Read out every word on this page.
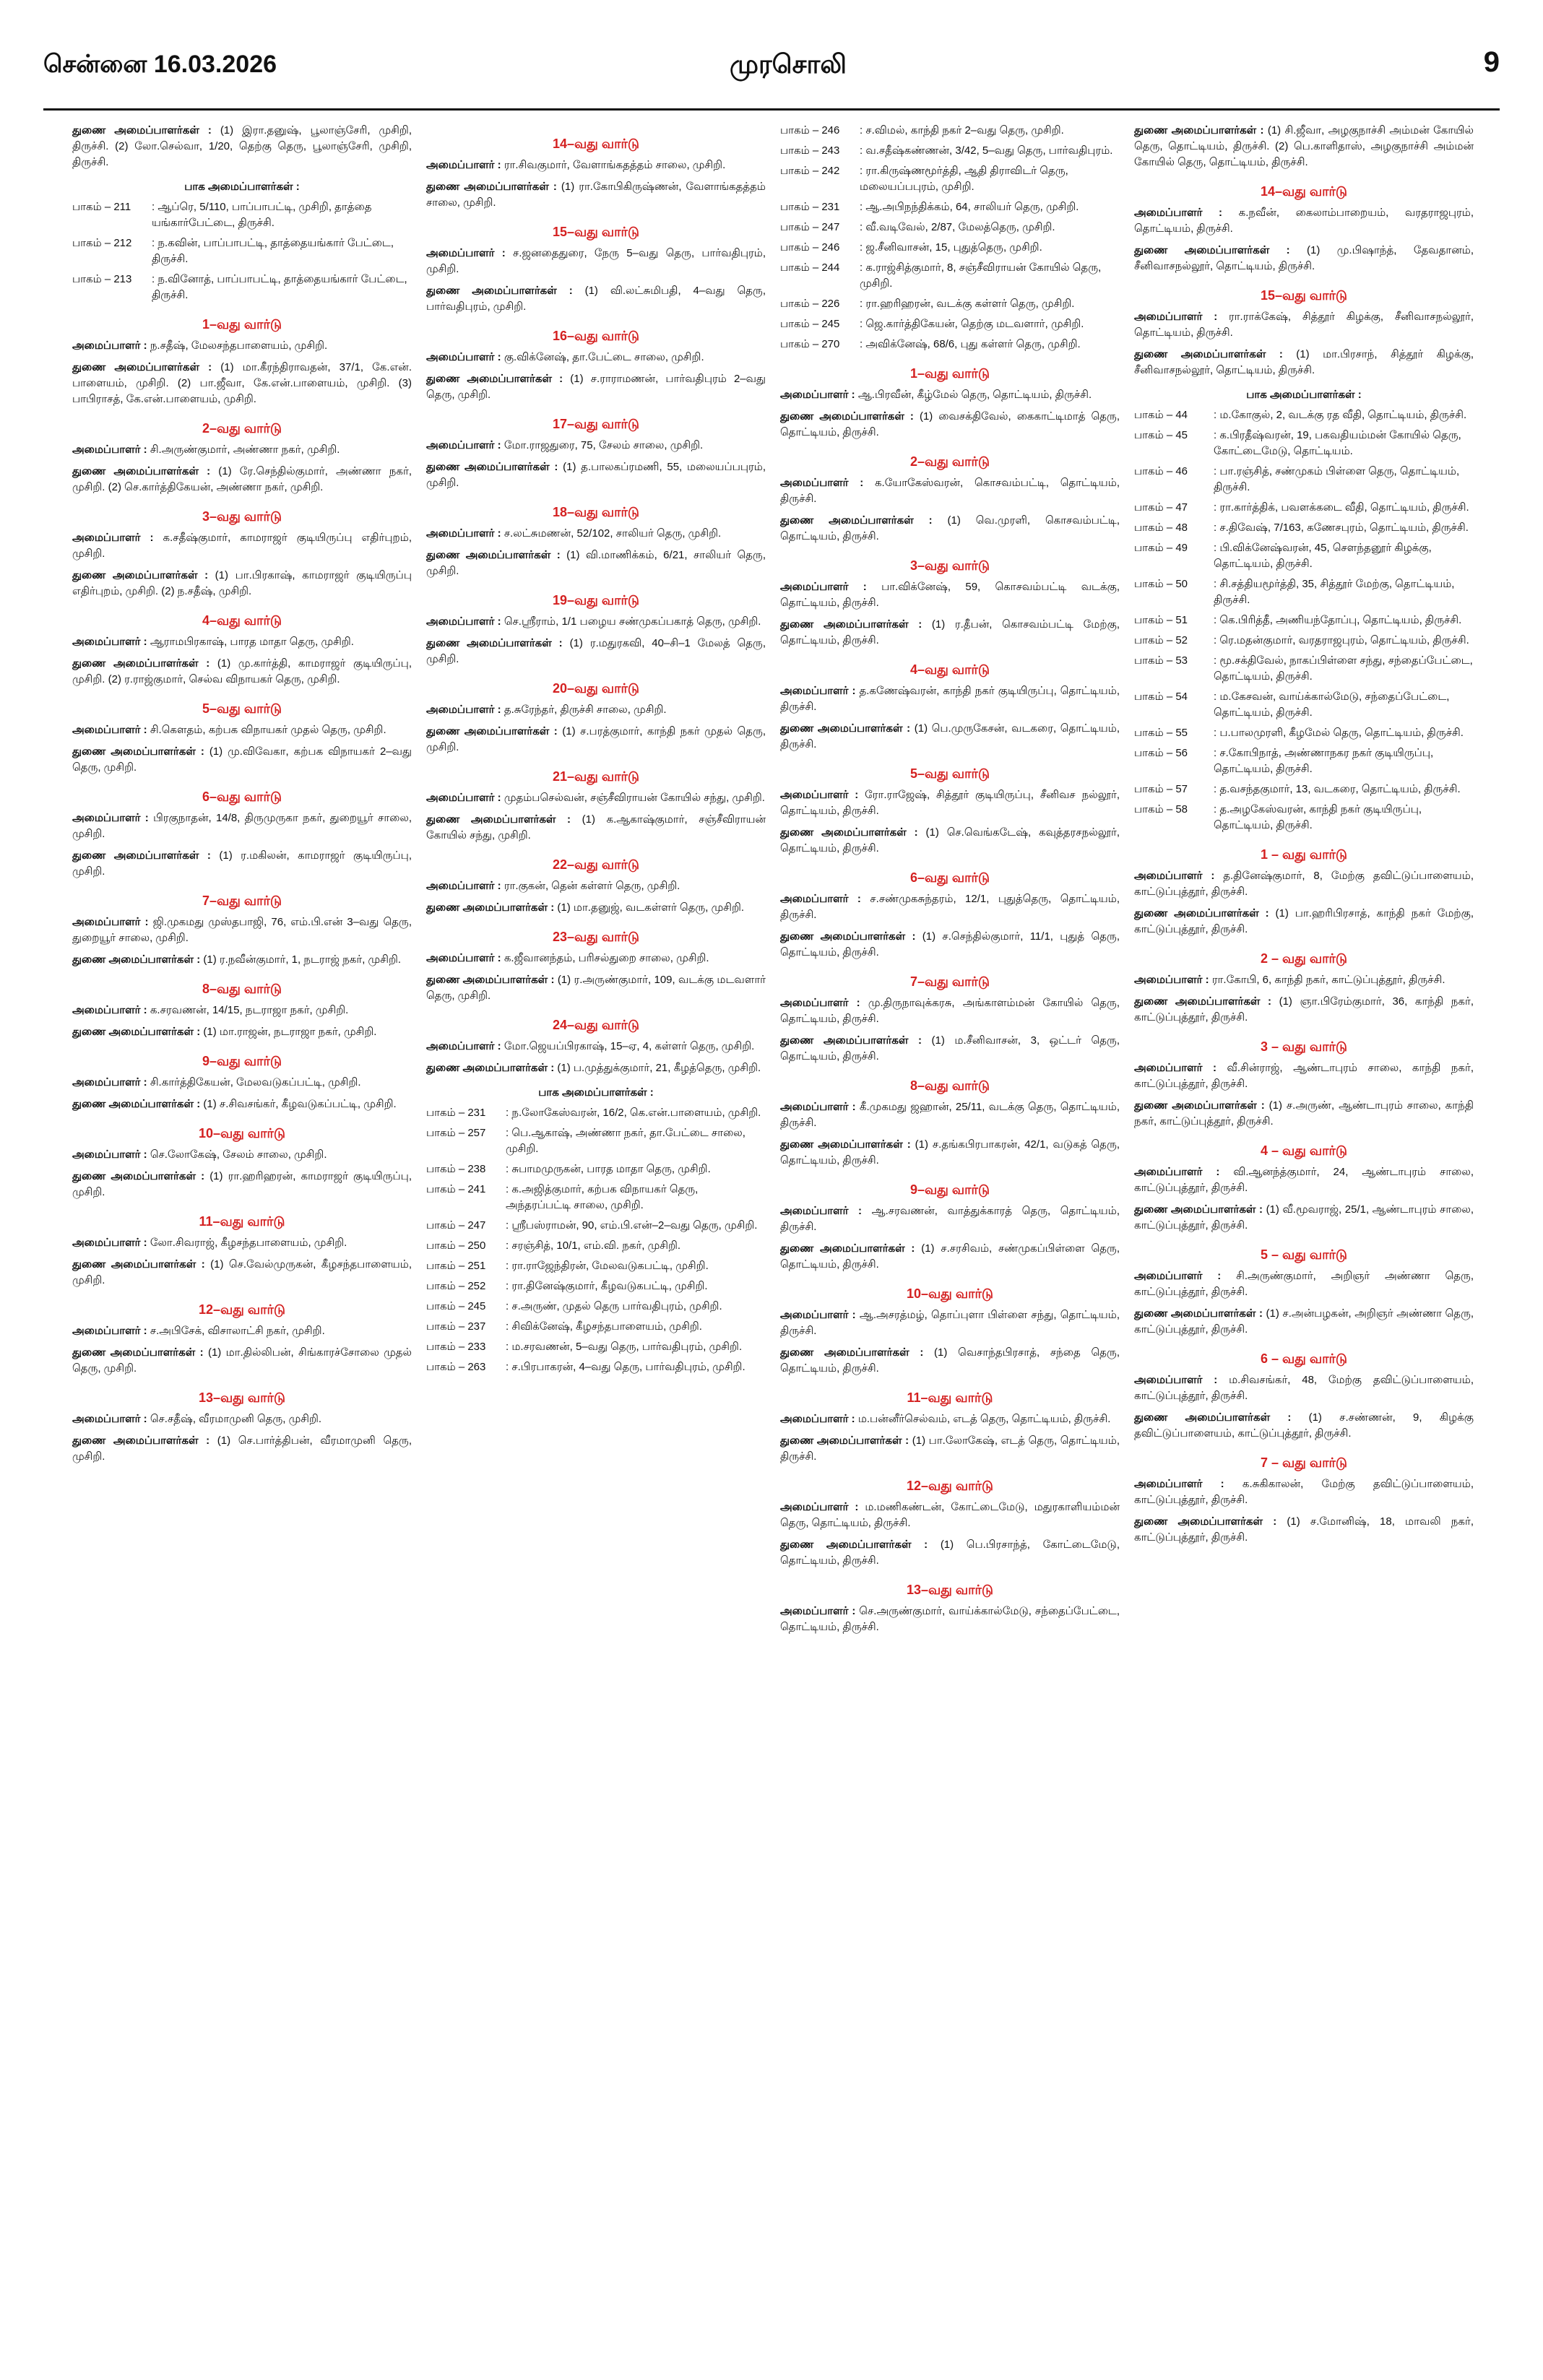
சென்னை 16.03.2026	முரசொலி	9
துணை அமைப்பாளர்கள் : (1) இரா.தனுஷ், பூலாஞ்சேரி, முசிறி, திருச்சி. (2) லோ.செல்வா, 1/20, தெற்கு தெரு, பூலாஞ்சேரி, முசிறி, திருச்சி.
பாக அமைப்பாளர்கள் :
பாகம் – 211	: ஆப்ரெ, 5/110, பாப்பாபட்டி, முசிறி, தாத்தை யங்கார்பேட்டை, திருச்சி.
பாகம் – 212	: ந.கவின், பாப்பாபட்டி, தாத்தையங்கார் பேட்டை, திருச்சி.
பாகம் – 213	: ந.வினோத், பாப்பாபட்டி, தாத்தையங்கார் பேட்டை, திருச்சி.
1–வது வார்டு
அமைப்பாளர் : ந.சதீஷ், மேலசந்தபாளையம், முசிறி.
துணை அமைப்பாளர்கள் : (1) மா.கீரந்திராவதன், 37/1, கே.என். பாளையம், முசிறி. (2) பா.ஜீவா, கே.என்.பாளையம், முசிறி. (3) பாபிராசத், கே.என்.பாளையம், முசிறி.
2–வது வார்டு
அமைப்பாளர் : சி.அருண்குமார், அண்ணா நகர், முசிறி.
துணை அமைப்பாளர்கள் : (1) ரே.செந்தில்குமார், அண்ணா நகர், முசிறி. (2) செ.கார்த்திகேயன், அண்ணா நகர், முசிறி.
3–வது வார்டு
அமைப்பாளர் : க.சதீஷ்குமார், காமராஜர் குடியிருப்பு எதிர்புறம், முசிறி.
துணை அமைப்பாளர்கள் : (1) பா.பிரகாஷ், காமராஜர் குடியிருப்பு எதிர்புறம், முசிறி. (2) ந.சதீஷ், முசிறி.
4–வது வார்டு
அமைப்பாளர் : ஆராமபிரகாஷ், பாரத மாதா தெரு, முசிறி.
துணை அமைப்பாளர்கள் : (1) மு.கார்த்தி, காமராஜர் குடியிருப்பு, முசிறி. (2) ர.ராஜ்குமார், செல்வ விநாயகர் தெரு, முசிறி.
5–வது வார்டு
அமைப்பாளர் : சி.கௌதம், கற்பக விநாயகர் முதல் தெரு, முசிறி.
துணை அமைப்பாளர்கள் : (1) மு.விவேகா, கற்பக விநாயகர் 2–வது தெரு, முசிறி.
6–வது வார்டு
அமைப்பாளர் : பிரகுநாதன், 14/8, திருமுருகா நகர், துறையூர் சாலை, முசிறி.
துணை அமைப்பாளர்கள் : (1) ர.மகிலன், காமராஜர் குடியிருப்பு, முசிறி.
7–வது வார்டு
அமைப்பாளர் : ஜி.முகமது முஸ்தபாஜி, 76, எம்.பி.என் 3–வது தெரு, துறையூர் சாலை, முசிறி.
துணை அமைப்பாளர்கள் : (1) ர.நவீன்குமார், 1, நடராஜ் நகர், முசிறி.
8–வது வார்டு
அமைப்பாளர் : க.சரவணன், 14/15, நடராஜா நகர், முசிறி.
துணை அமைப்பாளர்கள் : (1) மா.ராஜன், நடராஜா நகர், முசிறி.
9–வது வார்டு
அமைப்பாளர் : சி.கார்த்திகேயன், மேலவடுகப்பட்டி, முசிறி.
துணை அமைப்பாளர்கள் : (1) ச.சிவசங்கர், கீழவடுகப்பட்டி, முசிறி.
10–வது வார்டு
அமைப்பாளர் : செ.லோகேஷ், சேலம் சாலை, முசிறி.
துணை அமைப்பாளர்கள் : (1) ரா.ஹரிஹரன், காமராஜர் குடியிருப்பு, முசிறி.
11–வது வார்டு
அமைப்பாளர் : லோ.சிவராஜ், கீழசந்தபாளையம், முசிறி.
துணை அமைப்பாளர்கள் : (1) செ.வேல்முருகன், கீழசந்தபாளையம், முசிறி.
12–வது வார்டு
அமைப்பாளர் : ச.அபிசேக், விசாலாட்சி நகர், முசிறி.
துணை அமைப்பாளர்கள் : (1) மா.தில்லிபன், சிங்காரச்சோலை முதல் தெரு, முசிறி.
13–வது வார்டு
அமைப்பாளர் : செ.சதீஷ், வீரமாமுனி தெரு, முசிறி.
துணை அமைப்பாளர்கள் : (1) செ.பார்த்திபன், வீரமாமுனி தெரு, முசிறி.
14–வது வார்டு
அமைப்பாளர் : ரா.சிவகுமார், வேளாங்கதத்தம் சாலை, முசிறி.
துணை அமைப்பாளர்கள் : (1) ரா.கோபிகிருஷ்ணன், வேளாங்கதத்தம் சாலை, முசிறி.
15–வது வார்டு
அமைப்பாளர் : ச.ஜனதைதுரை, நேரு 5–வது தெரு, பார்வதிபுரம், முசிறி.
துணை அமைப்பாளர்கள் : (1) வி.லட்சுமிபதி, 4–வது தெரு, பார்வதிபுரம், முசிறி.
16–வது வார்டு
அமைப்பாளர் : கு.விக்னேஷ், தா.பேட்டை சாலை, முசிறி.
துணை அமைப்பாளர்கள் : (1) ச.ராராமணன், பார்வதிபுரம் 2–வது தெரு, முசிறி.
17–வது வார்டு
அமைப்பாளர் : மோ.ராஜதுரை, 75, சேலம் சாலை, முசிறி.
துணை அமைப்பாளர்கள் : (1) த.பாலகப்ரமணி, 55, மலையப்பபுரம், முசிறி.
18–வது வார்டு
அமைப்பாளர் : ச.லட்சுமணன், 52/102, சாலியர் தெரு, முசிறி.
துணை அமைப்பாளர்கள் : (1) வி.மாணிக்கம், 6/21, சாலியர் தெரு, முசிறி.
19–வது வார்டு
அமைப்பாளர் : செ.ஸ்ரீராம், 1/1 பழைய சண்முகப்பகாத் தெரு, முசிறி.
துணை அமைப்பாளர்கள் : (1) ர.மதுரகவி, 40–சி–1 மேலத் தெரு, முசிறி.
20–வது வார்டு
அமைப்பாளர் : த.சுரேந்தர், திருச்சி சாலை, முசிறி.
துணை அமைப்பாளர்கள் : (1) ச.பரத்குமார், காந்தி நகர் முதல் தெரு, முசிறி.
21–வது வார்டு
அமைப்பாளர் : முதம்பசெல்வன், சஞ்சீவிராயன் கோயில் சந்து, முசிறி.
துணை அமைப்பாளர்கள் : (1) க.ஆகாஷ்குமார், சஞ்சீவிராயன் கோயில் சந்து, முசிறி.
22–வது வார்டு
அமைப்பாளர் : ரா.குகன், தென் கள்ளர் தெரு, முசிறி.
துணை அமைப்பாளர்கள் : (1) மா.தனுஜ், வடகள்ளர் தெரு, முசிறி.
23–வது வார்டு
அமைப்பாளர் : க.ஜீவானந்தம், பரிசல்துறை சாலை, முசிறி.
துணை அமைப்பாளர்கள் : (1) ர.அருண்குமார், 109, வடக்கு மடவளார் தெரு, முசிறி.
24–வது வார்டு
அமைப்பாளர் : மோ.ஜெயப்பிரகாஷ், 15–ஏ, 4, கள்ளர் தெரு, முசிறி.
துணை அமைப்பாளர்கள் : (1) ப.முத்துக்குமார், 21, கீழத்தெரு, முசிறி.
பாக அமைப்பாளர்கள் :
பாகம் – 231	: ந.லோகேஸ்வரன், 16/2, கெ.என்.பாளையம், முசிறி.
பாகம் – 257	: பெ.ஆகாஷ், அண்ணா நகர், தா.பேட்டை சாலை, முசிறி.
பாகம் – 238	: சுபாமமுருகன், பாரத மாதா தெரு, முசிறி.
பாகம் – 241	: க.அஜித்குமார், கற்பக விநாயகர் தெரு, அந்தரப்பட்டி சாலை, முசிறி.
பாகம் – 247	: ஸ்ரீபஸ்ராமன், 90, எம்.பி.என்–2–வது தெரு, முசிறி.
பாகம் – 250	: சரஞ்சித், 10/1, எம்.வி. நகர், முசிறி.
பாகம் – 251	: ரா.ராஜேந்திரன், மேலவடுகபட்டி, முசிறி.
பாகம் – 252	: ரா.தினேஷ்குமார், கீழவடுகபட்டி, முசிறி.
பாகம் – 245	: ச.அருண், முதல் தெரு பார்வதிபுரம், முசிறி.
பாகம் – 237	: சிவிக்னேஷ், கீழசந்தபாளையம், முசிறி.
பாகம் – 233	: ம.சரவணன், 5–வது தெரு, பார்வதிபுரம், முசிறி.
பாகம் – 263	: ச.பிரபாகரன், 4–வது தெரு, பார்வதிபுரம், முசிறி.
பாகம் – 246	: ச.விமல், காந்தி நகர் 2–வது தெரு, முசிறி.
பாகம் – 243	: வ.சதீஷ்கண்ணன், 3/42, 5–வது தெரு, பார்வதிபுரம்.
பாகம் – 242	: ரா.கிருஷ்ணமூர்த்தி, ஆதி திராவிடர் தெரு, மலையப்பபுரம், முசிறி.
பாகம் – 231	: ஆ.அபிநந்திக்கம், 64, சாலியர் தெரு, முசிறி.
பாகம் – 247	: வீ.வடிவேல், 2/87, மேலத்தெரு, முசிறி.
பாகம் – 246	: ஜ.சீனிவாசன், 15, புதுத்தெரு, முசிறி.
பாகம் – 244	: க.ராஜ்சித்குமார், 8, சஞ்சீவிராயன் கோயில் தெரு, முசிறி.
பாகம் – 226	: ரா.ஹரிஹரன், வடக்கு கள்ளர் தெரு, முசிறி.
பாகம் – 245	: ஜெ.கார்த்திகேயன், தெற்கு மடவளார், முசிறி.
பாகம் – 270	: அவிக்னேஷ், 68/6, புது கள்ளர் தெரு, முசிறி.
1–வது வார்டு
அமைப்பாளர் : ஆ.பிரவீன், கீழ்மேல் தெரு, தொட்டியம், திருச்சி.
துணை அமைப்பாளர்கள் : (1) வைசக்திவேல், கைகாட்டிமாத் தெரு, தொட்டியம், திருச்சி.
2–வது வார்டு
அமைப்பாளர் : க.யோகேஸ்வரன், கொசவம்பட்டி, தொட்டியம், திருச்சி.
துணை அமைப்பாளர்கள் : (1) வெ.முரளி, கொசவம்பட்டி, தொட்டியம், திருச்சி.
3–வது வார்டு
அமைப்பாளர் : பா.விக்னேஷ், 59, கொசவம்பட்டி வடக்கு, தொட்டியம், திருச்சி.
துணை அமைப்பாளர்கள் : (1) ர.தீபன், கொசவம்பட்டி மேற்கு, தொட்டியம், திருச்சி.
4–வது வார்டு
அமைப்பாளர் : த.கணேஷ்வரன், காந்தி நகர் குடியிருப்பு, தொட்டியம், திருச்சி.
துணை அமைப்பாளர்கள் : (1) பெ.முருகேசன், வடகரை, தொட்டியம், திருச்சி.
5–வது வார்டு
அமைப்பாளர் : ரோ.ராஜேஷ், சித்தூர் குடியிருப்பு, சீனிவச நல்லூர், தொட்டியம், திருச்சி.
துணை அமைப்பாளர்கள் : (1) செ.வெங்கடேஷ், கவுத்தரசநல்லூர், தொட்டியம், திருச்சி.
6–வது வார்டு
அமைப்பாளர் : ச.சண்முகசுந்தரம், 12/1, புதுத்தெரு, தொட்டியம், திருச்சி.
துணை அமைப்பாளர்கள் : (1) ச.செந்தில்குமார், 11/1, புதுத் தெரு, தொட்டியம், திருச்சி.
7–வது வார்டு
அமைப்பாளர் : மு.திருநாவுக்கரசு, அங்காளம்மன் கோயில் தெரு, தொட்டியம், திருச்சி.
துணை அமைப்பாளர்கள் : (1) ம.சீனிவாசன், 3, ஒட்டர் தெரு, தொட்டியம், திருச்சி.
8–வது வார்டு
அமைப்பாளர் : கீ.முகமது ஜஹான், 25/11, வடக்கு தெரு, தொட்டியம், திருச்சி.
துணை அமைப்பாளர்கள் : (1) ச.தங்கபிரபாகரன், 42/1, வடுகத் தெரு, தொட்டியம், திருச்சி.
9–வது வார்டு
அமைப்பாளர் : ஆ.சரவணன், வாத்துக்காரத் தெரு, தொட்டியம், திருச்சி.
துணை அமைப்பாளர்கள் : (1) ச.சரசிவம், சண்முகப்பிள்ளை தெரு, தொட்டியம், திருச்சி.
10–வது வார்டு
அமைப்பாளர் : ஆ.அசரத்மழ், தொப்புளா பிள்ளை சந்து, தொட்டியம், திருச்சி.
துணை அமைப்பாளர்கள் : (1) வெசாந்தபிரசாத், சந்தை தெரு, தொட்டியம், திருச்சி.
11–வது வார்டு
அமைப்பாளர் : ம.பன்னீர்செல்வம், எடத் தெரு, தொட்டியம், திருச்சி.
துணை அமைப்பாளர்கள் : (1) பா.லோகேஷ், எடத் தெரு, தொட்டியம், திருச்சி.
12–வது வார்டு
அமைப்பாளர் : ம.மணிகண்டன், கோட்டைமேடு, மதுரகாளியம்மன் தெரு, தொட்டியம், திருச்சி.
துணை அமைப்பாளர்கள் : (1) பெ.பிரசாந்த், கோட்டைமேடு, தொட்டியம், திருச்சி.
13–வது வார்டு
அமைப்பாளர் : செ.அருண்குமார், வாய்க்கால்மேடு, சந்தைப்பேட்டை, தொட்டியம், திருச்சி.
துணை அமைப்பாளர்கள் : (1) சி.ஜீவா, அழகுநாச்சி அம்மன் கோயில் தெரு, தொட்டியம், திருச்சி. (2) பெ.காளிதாஸ், அழகுநாச்சி அம்மன் கோயில் தெரு, தொட்டியம், திருச்சி.
14–வது வார்டு
அமைப்பாளர் : க.நவீன், கைலாம்பாறையம், வரதராஜபுரம், தொட்டியம், திருச்சி.
துணை அமைப்பாளர்கள் : (1) மு.பிஷாந்த், தேவதானம், சீனிவாசநல்லூர், தொட்டியம், திருச்சி.
15–வது வார்டு
அமைப்பாளர் : ரா.ராக்கேஷ், சித்தூர் கிழக்கு, சீனிவாசநல்லூர், தொட்டியம், திருச்சி.
துணை அமைப்பாளர்கள் : (1) மா.பிரசாந், சித்தூர் கிழக்கு, சீனிவாசநல்லூர், தொட்டியம், திருச்சி.
பாக அமைப்பாளர்கள் :
பாகம் – 44	: ம.கோகுல், 2, வடக்கு ரத வீதி, தொட்டியம், திருச்சி.
பாகம் – 45	: க.பிரதீஷ்வரன், 19, பகவதியம்மன் கோயில் தெரு, கோட்டைமேடு, தொட்டியம்.
பாகம் – 46	: பா.ரஞ்சித், சண்முகம் பிள்ளை தெரு, தொட்டியம், திருச்சி.
பாகம் – 47	: ரா.கார்த்திக், பவளக்கடை வீதி, தொட்டியம், திருச்சி.
பாகம் – 48	: ச.திவேஷ், 7/163, கணேசபுரம், தொட்டியம், திருச்சி.
பாகம் – 49	: பி.விக்னேஷ்வரன், 45, சௌந்தனூர் கிழக்கு, தொட்டியம், திருச்சி.
பாகம் – 50	: சி.சத்தியமூர்த்தி, 35, சித்தூர் மேற்கு, தொட்டியம், திருச்சி.
பாகம் – 51	: கெ.பிரித்தீ, அணியந்தோப்பு, தொட்டியம், திருச்சி.
பாகம் – 52	: ரெ.மதன்குமார், வரதராஜபுரம், தொட்டியம், திருச்சி.
பாகம் – 53	: மூ.சக்திவேல், நாகப்பிள்ளை சந்து, சந்தைப்பேட்டை, தொட்டியம், திருச்சி.
பாகம் – 54	: ம.கேசவன், வாய்க்கால்மேடு, சந்தைப்பேட்டை, தொட்டியம், திருச்சி.
பாகம் – 55	: ப.பாலமுரளி, கீழமேல் தெரு, தொட்டியம், திருச்சி.
பாகம் – 56	: ச.கோபிநாத், அண்ணாநகர நகர் குடியிருப்பு, தொட்டியம், திருச்சி.
பாகம் – 57	: த.வசந்தகுமார், 13, வடகரை, தொட்டியம், திருச்சி.
பாகம் – 58	: த.அழகேஸ்வரன், காந்தி நகர் குடியிருப்பு, தொட்டியம், திருச்சி.
1 – வது வார்டு
அமைப்பாளர் : த.தினேஷ்குமார், 8, மேற்கு தவிட்டுப்பாளையம், காட்டுப்புத்தூர், திருச்சி.
துணை அமைப்பாளர்கள் : (1) பா.ஹரிபிரசாத், காந்தி நகர் மேற்கு, காட்டுப்புத்தூர், திருச்சி.
2 – வது வார்டு
அமைப்பாளர் : ரா.கோபி, 6, காந்தி நகர், காட்டுப்புத்தூர், திருச்சி.
துணை அமைப்பாளர்கள் : (1) ஞா.பிரேம்குமார், 36, காந்தி நகர், காட்டுப்புத்தூர், திருச்சி.
3 – வது வார்டு
அமைப்பாளர் : வீ.சின்ராஜ், ஆண்டாபுரம் சாலை, காந்தி நகர், காட்டுப்புத்தூர், திருச்சி.
துணை அமைப்பாளர்கள் : (1) ச.அருண், ஆண்டாபுரம் சாலை, காந்தி நகர், காட்டுப்புத்தூர், திருச்சி.
4 – வது வார்டு
அமைப்பாளர் : வி.ஆனந்த்குமார், 24, ஆண்டாபுரம் சாலை, காட்டுப்புத்தூர், திருச்சி.
துணை அமைப்பாளர்கள் : (1) வீ.மூவராஜ், 25/1, ஆண்டாபுரம் சாலை, காட்டுப்புத்தூர், திருச்சி.
5 – வது வார்டு
அமைப்பாளர் : சி.அருண்குமார், அறிஞர் அண்ணா தெரு, காட்டுப்புத்தூர், திருச்சி.
துணை அமைப்பாளர்கள் : (1) ச.அன்பழகன், அறிஞர் அண்ணா தெரு, காட்டுப்புத்தூர், திருச்சி.
6 – வது வார்டு
அமைப்பாளர் : ம.சிவசங்கர், 48, மேற்கு தவிட்டுப்பாளையம், காட்டுப்புத்தூர், திருச்சி.
துணை அமைப்பாளர்கள் : (1) ச.சண்ணன், 9, கிழக்கு தவிட்டுப்பாளையம், காட்டுப்புத்தூர், திருச்சி.
7 – வது வார்டு
அமைப்பாளர் : க.சுகிகாலன், மேற்கு தவிட்டுப்பாளையம், காட்டுப்புத்தூர், திருச்சி.
துணை அமைப்பாளர்கள் : (1) ச.மோனிஷ், 18, மாவலி நகர், காட்டுப்புத்தூர், திருச்சி.
